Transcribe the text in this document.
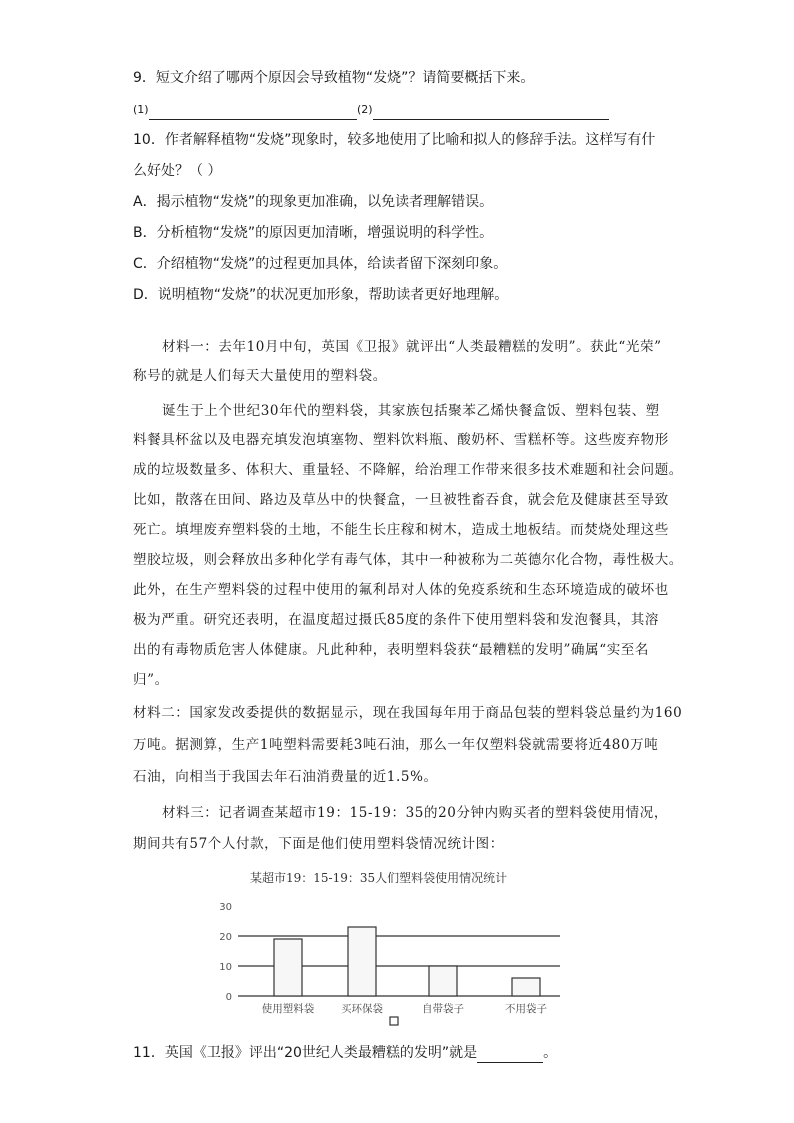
9．短文介绍了哪两个原因会导致植物“发烧”？请简要概括下来。
(1)	(2)
10．作者解释植物“发烧”现象时，较多地使用了比喻和拟人的修辞手法。这样写有什
么好处？（ ）
A．揭示植物“发烧”的现象更加准确，以免读者理解错误。
B．分析植物“发烧”的原因更加清晰，增强说明的科学性。
C．介绍植物“发烧”的过程更加具体，给读者留下深刻印象。
D．说明植物“发烧”的状况更加形象，帮助读者更好地理解。
材料一：去年10月中旬，英国《卫报》就评出“人类最糟糕的发明”。获此“光荣”
称号的就是人们每天大量使用的塑料袋。
诞生于上个世纪30年代的塑料袋，其家族包括聚苯乙烯快餐盒饭、塑料包装、塑
料餐具杯盆以及电器充填发泡填塞物、塑料饮料瓶、酸奶杯、雪糕杯等。这些废弃物形
成的垃圾数量多、体积大、重量轻、不降解，给治理工作带来很多技术难题和社会问题。
比如，散落在田间、路边及草丛中的快餐盒，一旦被牲畜吞食，就会危及健康甚至导致
死亡。填埋废弃塑料袋的土地，不能生长庄稼和树木，造成土地板结。而焚烧处理这些
塑胶垃圾，则会释放出多种化学有毒气体，其中一种被称为二英德尔化合物，毒性极大。
此外，在生产塑料袋的过程中使用的氟利昂对人体的免疫系统和生态环境造成的破坏也
极为严重。研究还表明，在温度超过摄氏85度的条件下使用塑料袋和发泡餐具，其溶
出的有毒物质危害人体健康。凡此种种，表明塑料袋获“最糟糕的发明”确属“实至名
归”。
材料二：国家发改委提供的数据显示，现在我国每年用于商品包装的塑料袋总量约为160
万吨。据测算，生产1吨塑料需要耗3吨石油，那么一年仅塑料袋就需要将近480万吨
石油，向相当于我国去年石油消费量的近1.5%。
材料三：记者调查某超市19：15-19：35的20分钟内购买者的塑料袋使用情况，
期间共有57个人付款，下面是他们使用塑料袋情况统计图：
某超市19：15-19：35人们塑料袋使用情况统计
0
10
20
30
使用塑料袋	买环保袋	自带袋子	不用袋子
11．英国《卫报》评出“20世纪人类最糟糕的发明”就是	。
